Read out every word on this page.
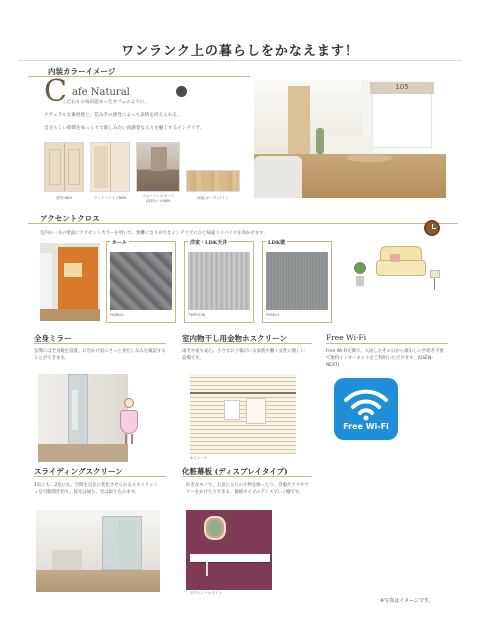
ワンランク上の暮らしをかなえます！
内装カラーイメージ
C afe Natural
こだわりの毎が語まったカフェのように、
ナチュラルな素材感と、佳み手の感性によって表情を持えられる。
自分らしい時間をゆっくりで楽しみたい真感覚な人々を魅了するインテリア。
建具:NB9	ウッドハイドブNB9	フローリングボード
(床材)シカNB9
床板(オーク)ライト
105
アクセントクロス
室内の一方の壁面にアクセントカラーを用いて、無難になりがちなインテリアにひと味違うスパイスを効かせます。
ホール
FE6610
洋室・LDK天井
TWP2238
LDK壁
FE6612
全身ミラー
玄関には全身鏡を設置。お出かけ前にさっと身だしなみを確認することができます。
室内物干し用金物ホスクリーン
雨天や夜も安心。小さなお子様がいる家族や働く女性に嬉しい設備です。
※イメージ
Free Wi-Fi
Free Wi-Fi完備で、入居したその日から煩わしい手続き不要で無料インターネットをご利用いただけます。(USEN-NEXT)
Free Wi-Fi
スライディングスクリーン
1室にも、2室にも。空間を自在に変化させられるスタイリッシュな可動間仕切り。採光は通り、光は取り込みます。
化粧幕板 (ディスプレイタイプ)
好きなモノで、お気に入りの小物を飾ったり、洋服やアクセサリーをかけたりできる、幕板タイプのディスプレイ棚です。
ダクトレールライト
※写真はイメージです。
